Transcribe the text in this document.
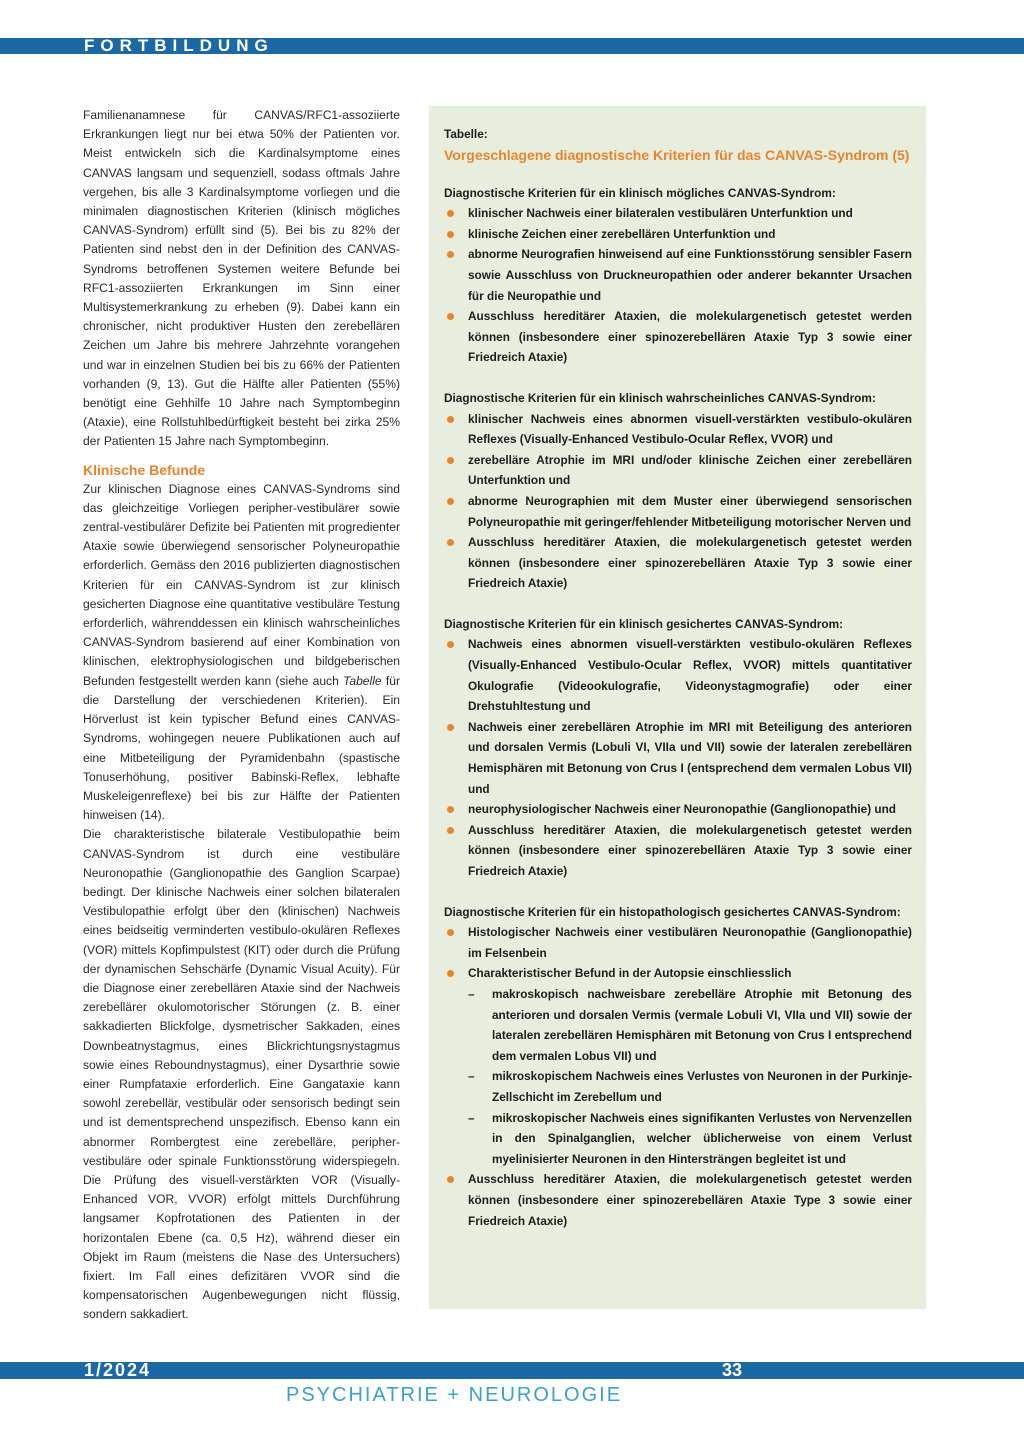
FORTBILDUNG

Familienanamnese für CANVAS/RFC1-assoziierte Erkrankungen liegt nur bei etwa 50% der Patienten vor. Meist entwickeln sich die Kardinalsymptome eines CANVAS langsam und sequenziell, sodass oftmals Jahre vergehen, bis alle 3 Kardinalsymptome vorliegen und die minimalen diagnostischen Kriterien (klinisch mögliches CANVAS-Syndrom) erfüllt sind (5). Bei bis zu 82% der Patienten sind nebst den in der Definition des CANVAS-Syndroms betroffenen Systemen weitere Befunde bei RFC1-assoziierten Erkrankungen im Sinn einer Multisystemerkrankung zu erheben (9). Dabei kann ein chronischer, nicht produktiver Husten den zerebellären Zeichen um Jahre bis mehrere Jahrzehnte vorangehen und war in einzelnen Studien bei bis zu 66% der Patienten vorhanden (9, 13). Gut die Hälfte aller Patienten (55%) benötigt eine Gehhilfe 10 Jahre nach Symptombeginn (Ataxie), eine Rollstuhlbedürftigkeit besteht bei zirka 25% der Patienten 15 Jahre nach Symptombeginn.

Klinische Befunde

Zur klinischen Diagnose eines CANVAS-Syndroms sind das gleichzeitige Vorliegen peripher-vestibulärer sowie zentral-vestibulärer Defizite bei Patienten mit progredienter Ataxie sowie überwiegend sensorischer Polyneuropathie erforderlich. Gemäss den 2016 publizierten diagnostischen Kriterien für ein CANVAS-Syndrom ist zur klinisch gesicherten Diagnose eine quantitative vestibuläre Testung erforderlich, währenddessen ein klinisch wahrscheinliches CANVAS-Syndrom basierend auf einer Kombination von klinischen, elektrophysiologischen und bildgeberischen Befunden festgestellt werden kann (siehe auch Tabelle für die Darstellung der verschiedenen Kriterien). Ein Hörverlust ist kein typischer Befund eines CANVAS-Syndroms, wohingegen neuere Publikationen auch auf eine Mitbeteiligung der Pyramidenbahn (spastische Tonuserhöhung, positiver Babinski-Reflex, lebhafte Muskeleigenreflexe) bei bis zur Hälfte der Patienten hinweisen (14).

Die charakteristische bilaterale Vestibulopathie beim CANVAS-Syndrom ist durch eine vestibuläre Neuronopathie (Ganglionopathie des Ganglion Scarpae) bedingt. Der klinische Nachweis einer solchen bilateralen Vestibulopathie erfolgt über den (klinischen) Nachweis eines beidseitig verminderten vestibulo-okulären Reflexes (VOR) mittels Kopfimpulstest (KIT) oder durch die Prüfung der dynamischen Sehschärfe (Dynamic Visual Acuity). Für die Diagnose einer zerebellären Ataxie sind der Nachweis zerebellärer okulomotorischer Störungen (z. B. einer sakkadierten Blickfolge, dysmetrischer Sakkaden, eines Downbeatnystagmus, eines Blickrichtungsnystagmus sowie eines Reboundnystagmus), einer Dysarthrie sowie einer Rumpfataxie erforderlich. Eine Gangataxie kann sowohl zerebellär, vestibulär oder sensorisch bedingt sein und ist dementsprechend unspezifisch. Ebenso kann ein abnormer Rombergtest eine zerebelläre, peripher-vestibuläre oder spinale Funktionsstörung widerspiegeln. Die Prüfung des visuell-verstärkten VOR (Visually-Enhanced VOR, VVOR) erfolgt mittels Durchführung langsamer Kopfrotationen des Patienten in der horizontalen Ebene (ca. 0,5 Hz), während dieser ein Objekt im Raum (meistens die Nase des Untersuchers) fixiert. Im Fall eines defizitären VVOR sind die kompensatorischen Augenbewegungen nicht flüssig, sondern sakkadiert.

Tabelle:

Vorgeschlagene diagnostische Kriterien für das CANVAS-Syndrom (5)

Diagnostische Kriterien für ein klinisch mögliches CANVAS-Syndrom:

klinischer Nachweis einer bilateralen vestibulären Unterfunktion und
klinische Zeichen einer zerebellären Unterfunktion und
abnorme Neurografien hinweisend auf eine Funktionsstörung sensibler Fasern sowie Ausschluss von Druckneuropathien oder anderer bekannter Ursachen für die Neuropathie und
Ausschluss hereditärer Ataxien, die molekulargenetisch getestet werden können (insbesondere einer spinozerebellären Ataxie Typ 3 sowie einer Friedreich Ataxie)

Diagnostische Kriterien für ein klinisch wahrscheinliches CANVAS-Syndrom:

klinischer Nachweis eines abnormen visuell-verstärkten vestibulo-okulären Reflexes (Visually-Enhanced Vestibulo-Ocular Reflex, VVOR) und
zerebelläre Atrophie im MRI und/oder klinische Zeichen einer zerebellären Unterfunktion und
abnorme Neurographien mit dem Muster einer überwiegend sensorischen Polyneuropathie mit geringer/fehlender Mitbeteiligung motorischer Nerven und
Ausschluss hereditärer Ataxien, die molekulargenetisch getestet werden können (insbesondere einer spinozerebellären Ataxie Typ 3 sowie einer Friedreich Ataxie)

Diagnostische Kriterien für ein klinisch gesichertes CANVAS-Syndrom:

Nachweis eines abnormen visuell-verstärkten vestibulo-okulären Reflexes (Visually-Enhanced Vestibulo-Ocular Reflex, VVOR) mittels quantitativer Okulografie (Videookulografie, Videonystagmografie) oder einer Drehstuhltestung und
Nachweis einer zerebellären Atrophie im MRI mit Beteiligung des anterioren und dorsalen Vermis (Lobuli VI, VIIa und VII) sowie der lateralen zerebellären Hemisphären mit Betonung von Crus I (entsprechend dem vermalen Lobus VII) und
neurophysiologischer Nachweis einer Neuronopathie (Ganglionopathie) und
Ausschluss hereditärer Ataxien, die molekulargenetisch getestet werden können (insbesondere einer spinozerebellären Ataxie Typ 3 sowie einer Friedreich Ataxie)

Diagnostische Kriterien für ein histopathologisch gesichertes CANVAS-Syndrom:

Histologischer Nachweis einer vestibulären Neuronopathie (Ganglionopathie) im Felsenbein
Charakteristischer Befund in der Autopsie einschliesslich
– makroskopisch nachweisbare zerebelläre Atrophie mit Betonung des anterioren und dorsalen Vermis (vermale Lobuli VI, VIIa und VII) sowie der lateralen zerebellären Hemisphären mit Betonung von Crus I entsprechend dem vermalen Lobus VII) und
– mikroskopischem Nachweis eines Verlustes von Neuronen in der Purkinje-Zellschicht im Zerebellum und
– mikroskopischer Nachweis eines signifikanten Verlustes von Nervenzellen in den Spinalganglien, welcher üblicherweise von einem Verlust myelinisierter Neuronen in den Hintersträngen begleitet ist und
Ausschluss hereditärer Ataxien, die molekulargenetisch getestet werden können (insbesondere einer spinozerebellären Ataxie Type 3 sowie einer Friedreich Ataxie)
1/2024	33
PSYCHIATRIE + NEUROLOGIE
